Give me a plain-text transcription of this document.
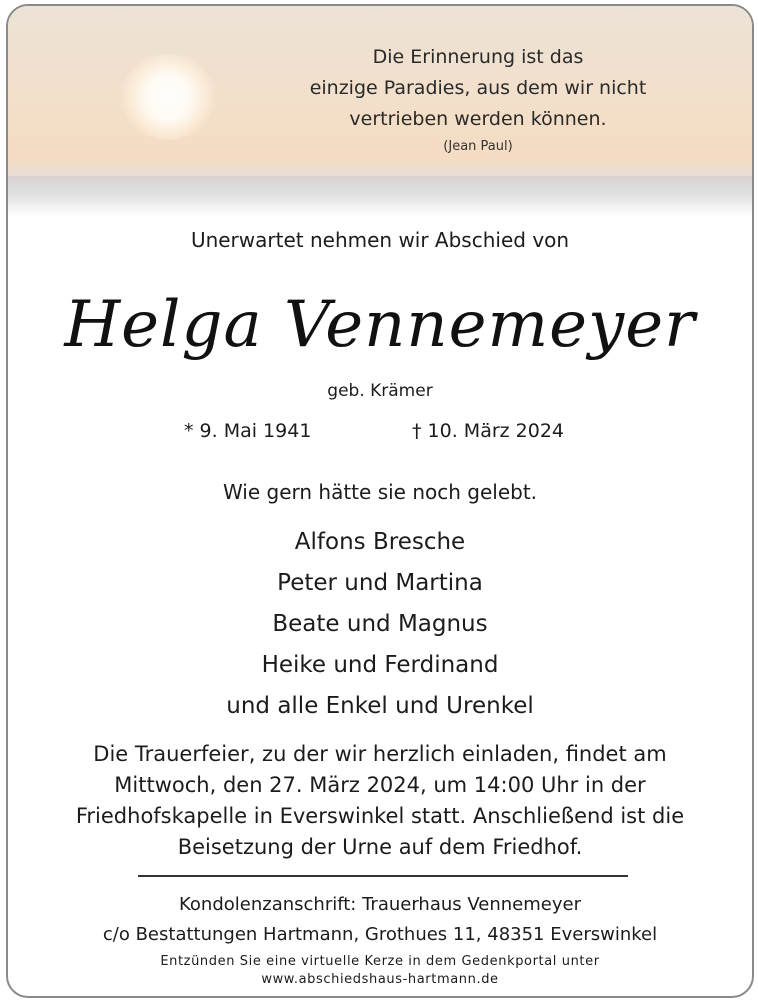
Die Erinnerung ist das
einzige Paradies, aus dem wir nicht
vertrieben werden können.
(Jean Paul)
Unerwartet nehmen wir Abschied von
Helga Vennemeyer
geb. Krämer
* 9. Mai 1941	† 10. März 2024
Wie gern hätte sie noch gelebt.
Alfons Bresche
Peter und Martina
Beate und Magnus
Heike und Ferdinand
und alle Enkel und Urenkel
Die Trauerfeier, zu der wir herzlich einladen, findet am
Mittwoch, den 27. März 2024, um 14:00 Uhr in der
Friedhofskapelle in Everswinkel statt. Anschließend ist die
Beisetzung der Urne auf dem Friedhof.
Kondolenzanschrift: Trauerhaus Vennemeyer
c/o Bestattungen Hartmann, Grothues 11, 48351 Everswinkel
Entzünden Sie eine virtuelle Kerze in dem Gedenkportal unter
www.abschiedshaus-hartmann.de
